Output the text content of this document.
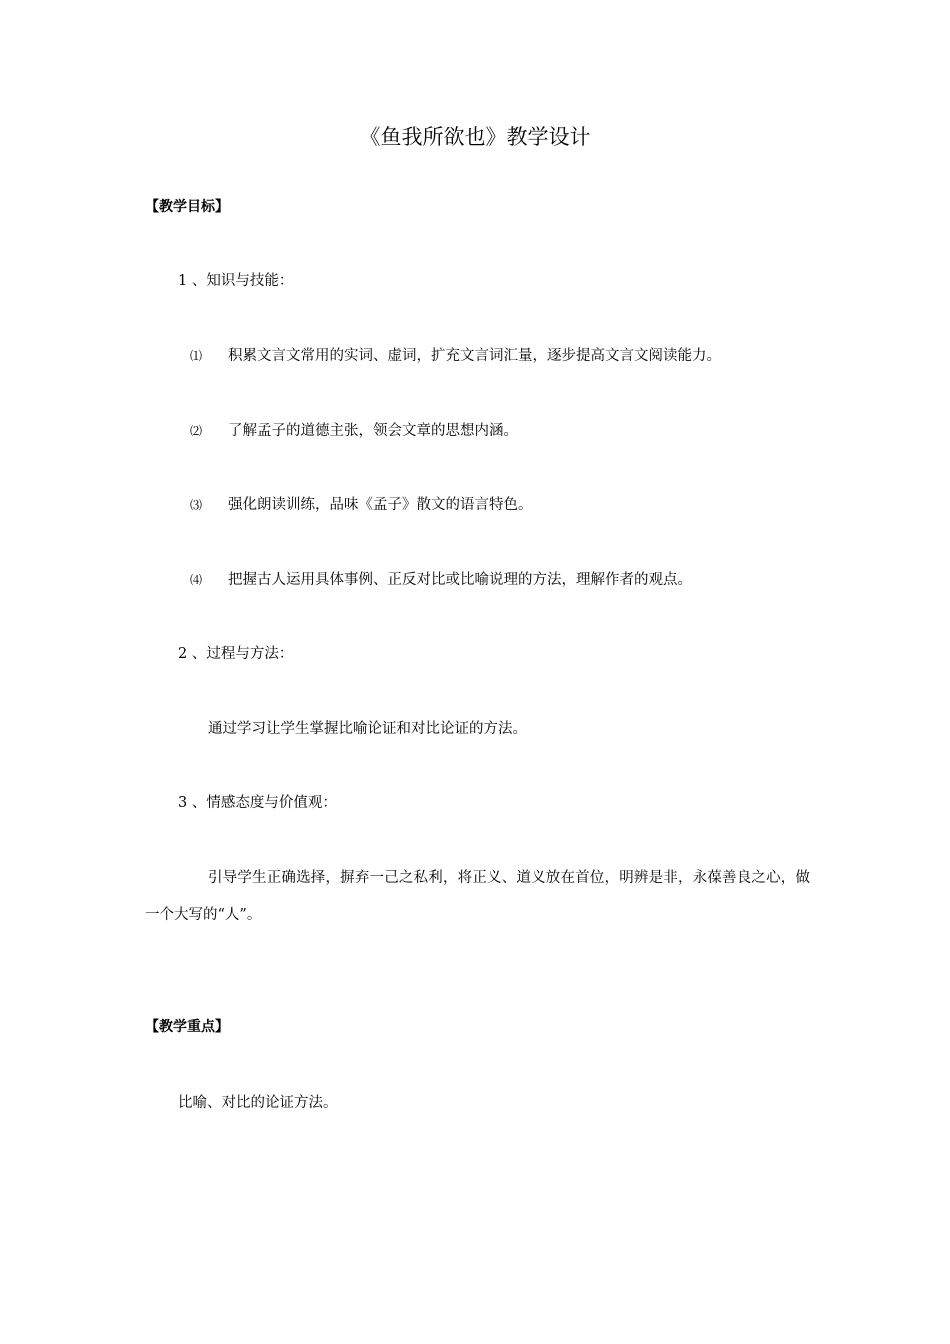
《鱼我所欲也》教学设计

【教学目标】

1 、知识与技能：

⑴ 积累文言文常用的实词、虚词，扩充文言词汇量，逐步提高文言文阅读能力。

⑵ 了解孟子的道德主张，领会文章的思想内涵。

⑶ 强化朗读训练，品味《孟子》散文的语言特色。

⑷ 把握古人运用具体事例、正反对比或比喻说理的方法，理解作者的观点。

2 、过程与方法：

通过学习让学生掌握比喻论证和对比论证的方法。

3 、情感态度与价值观：

引导学生正确选择，摒弃一己之私利，将正义、道义放在首位，明辨是非，永葆善良之心，做一个大写的“人”。

【教学重点】

比喻、对比的论证方法。
